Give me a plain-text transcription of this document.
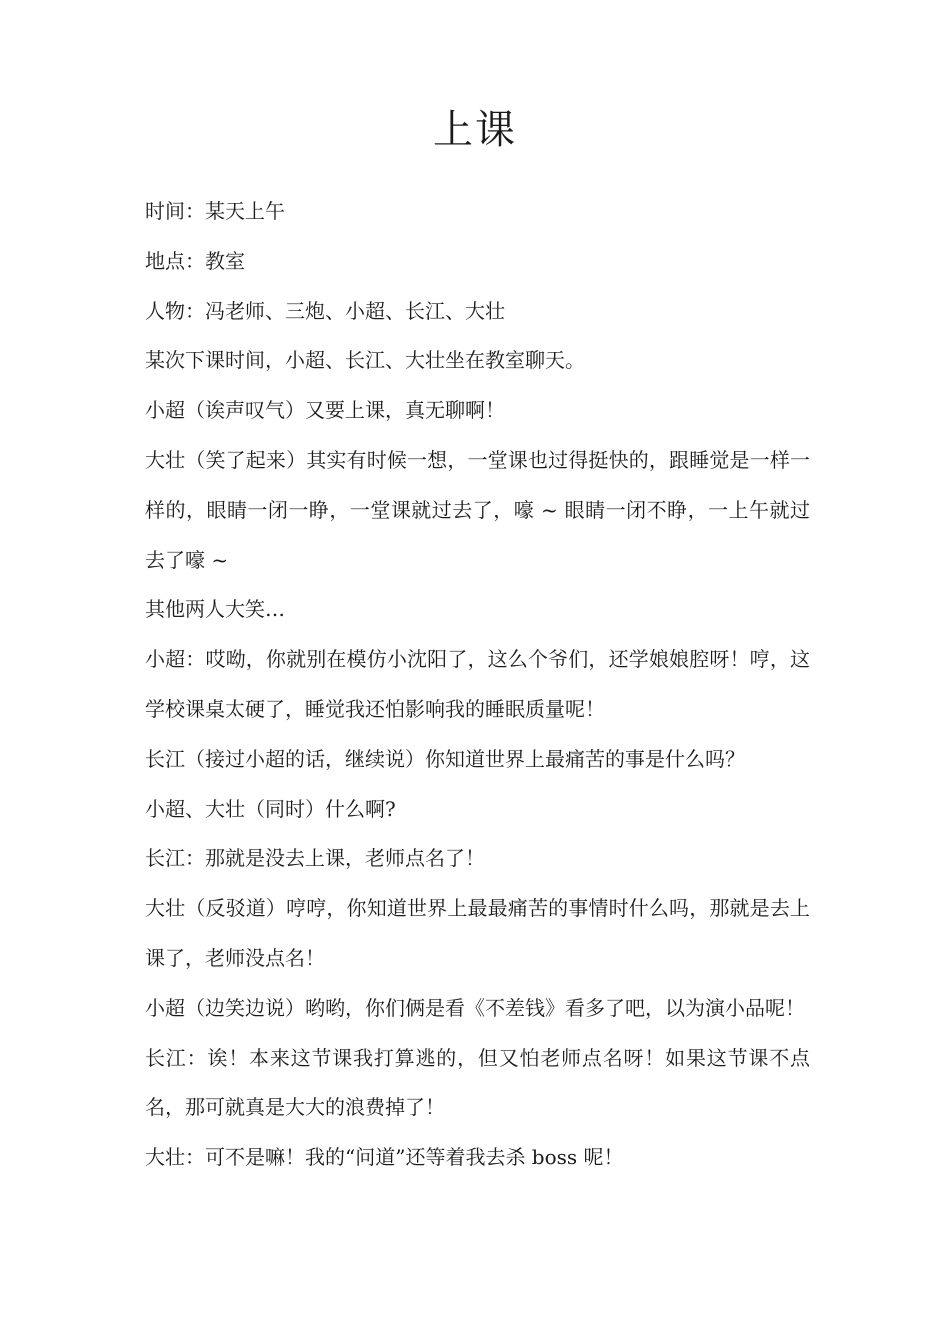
上课

时间：某天上午

地点：教室

人物：冯老师、三炮、小超、长江、大壮

某次下课时间，小超、长江、大壮坐在教室聊天。

小超（诶声叹气）又要上课，真无聊啊！

大壮（笑了起来）其实有时候一想，一堂课也过得挺快的，跟睡觉是一样一样的，眼睛一闭一睁，一堂课就过去了，嚎 ~ 眼睛一闭不睁，一上午就过去了嚎 ~

其他两人大笑…

小超：哎呦，你就别在模仿小沈阳了，这么个爷们，还学娘娘腔呀！哼，这学校课桌太硬了，睡觉我还怕影响我的睡眠质量呢！

长江（接过小超的话，继续说）你知道世界上最痛苦的事是什么吗？

小超、大壮（同时）什么啊?

长江：那就是没去上课，老师点名了！

大壮（反驳道）哼哼，你知道世界上最最痛苦的事情时什么吗，那就是去上课了，老师没点名！

小超（边笑边说）哟哟，你们俩是看《不差钱》看多了吧，以为演小品呢！

长江：诶！本来这节课我打算逃的，但又怕老师点名呀！如果这节课不点名，那可就真是大大的浪费掉了！

大壮：可不是嘛！我的“问道”还等着我去杀 boss 呢！
